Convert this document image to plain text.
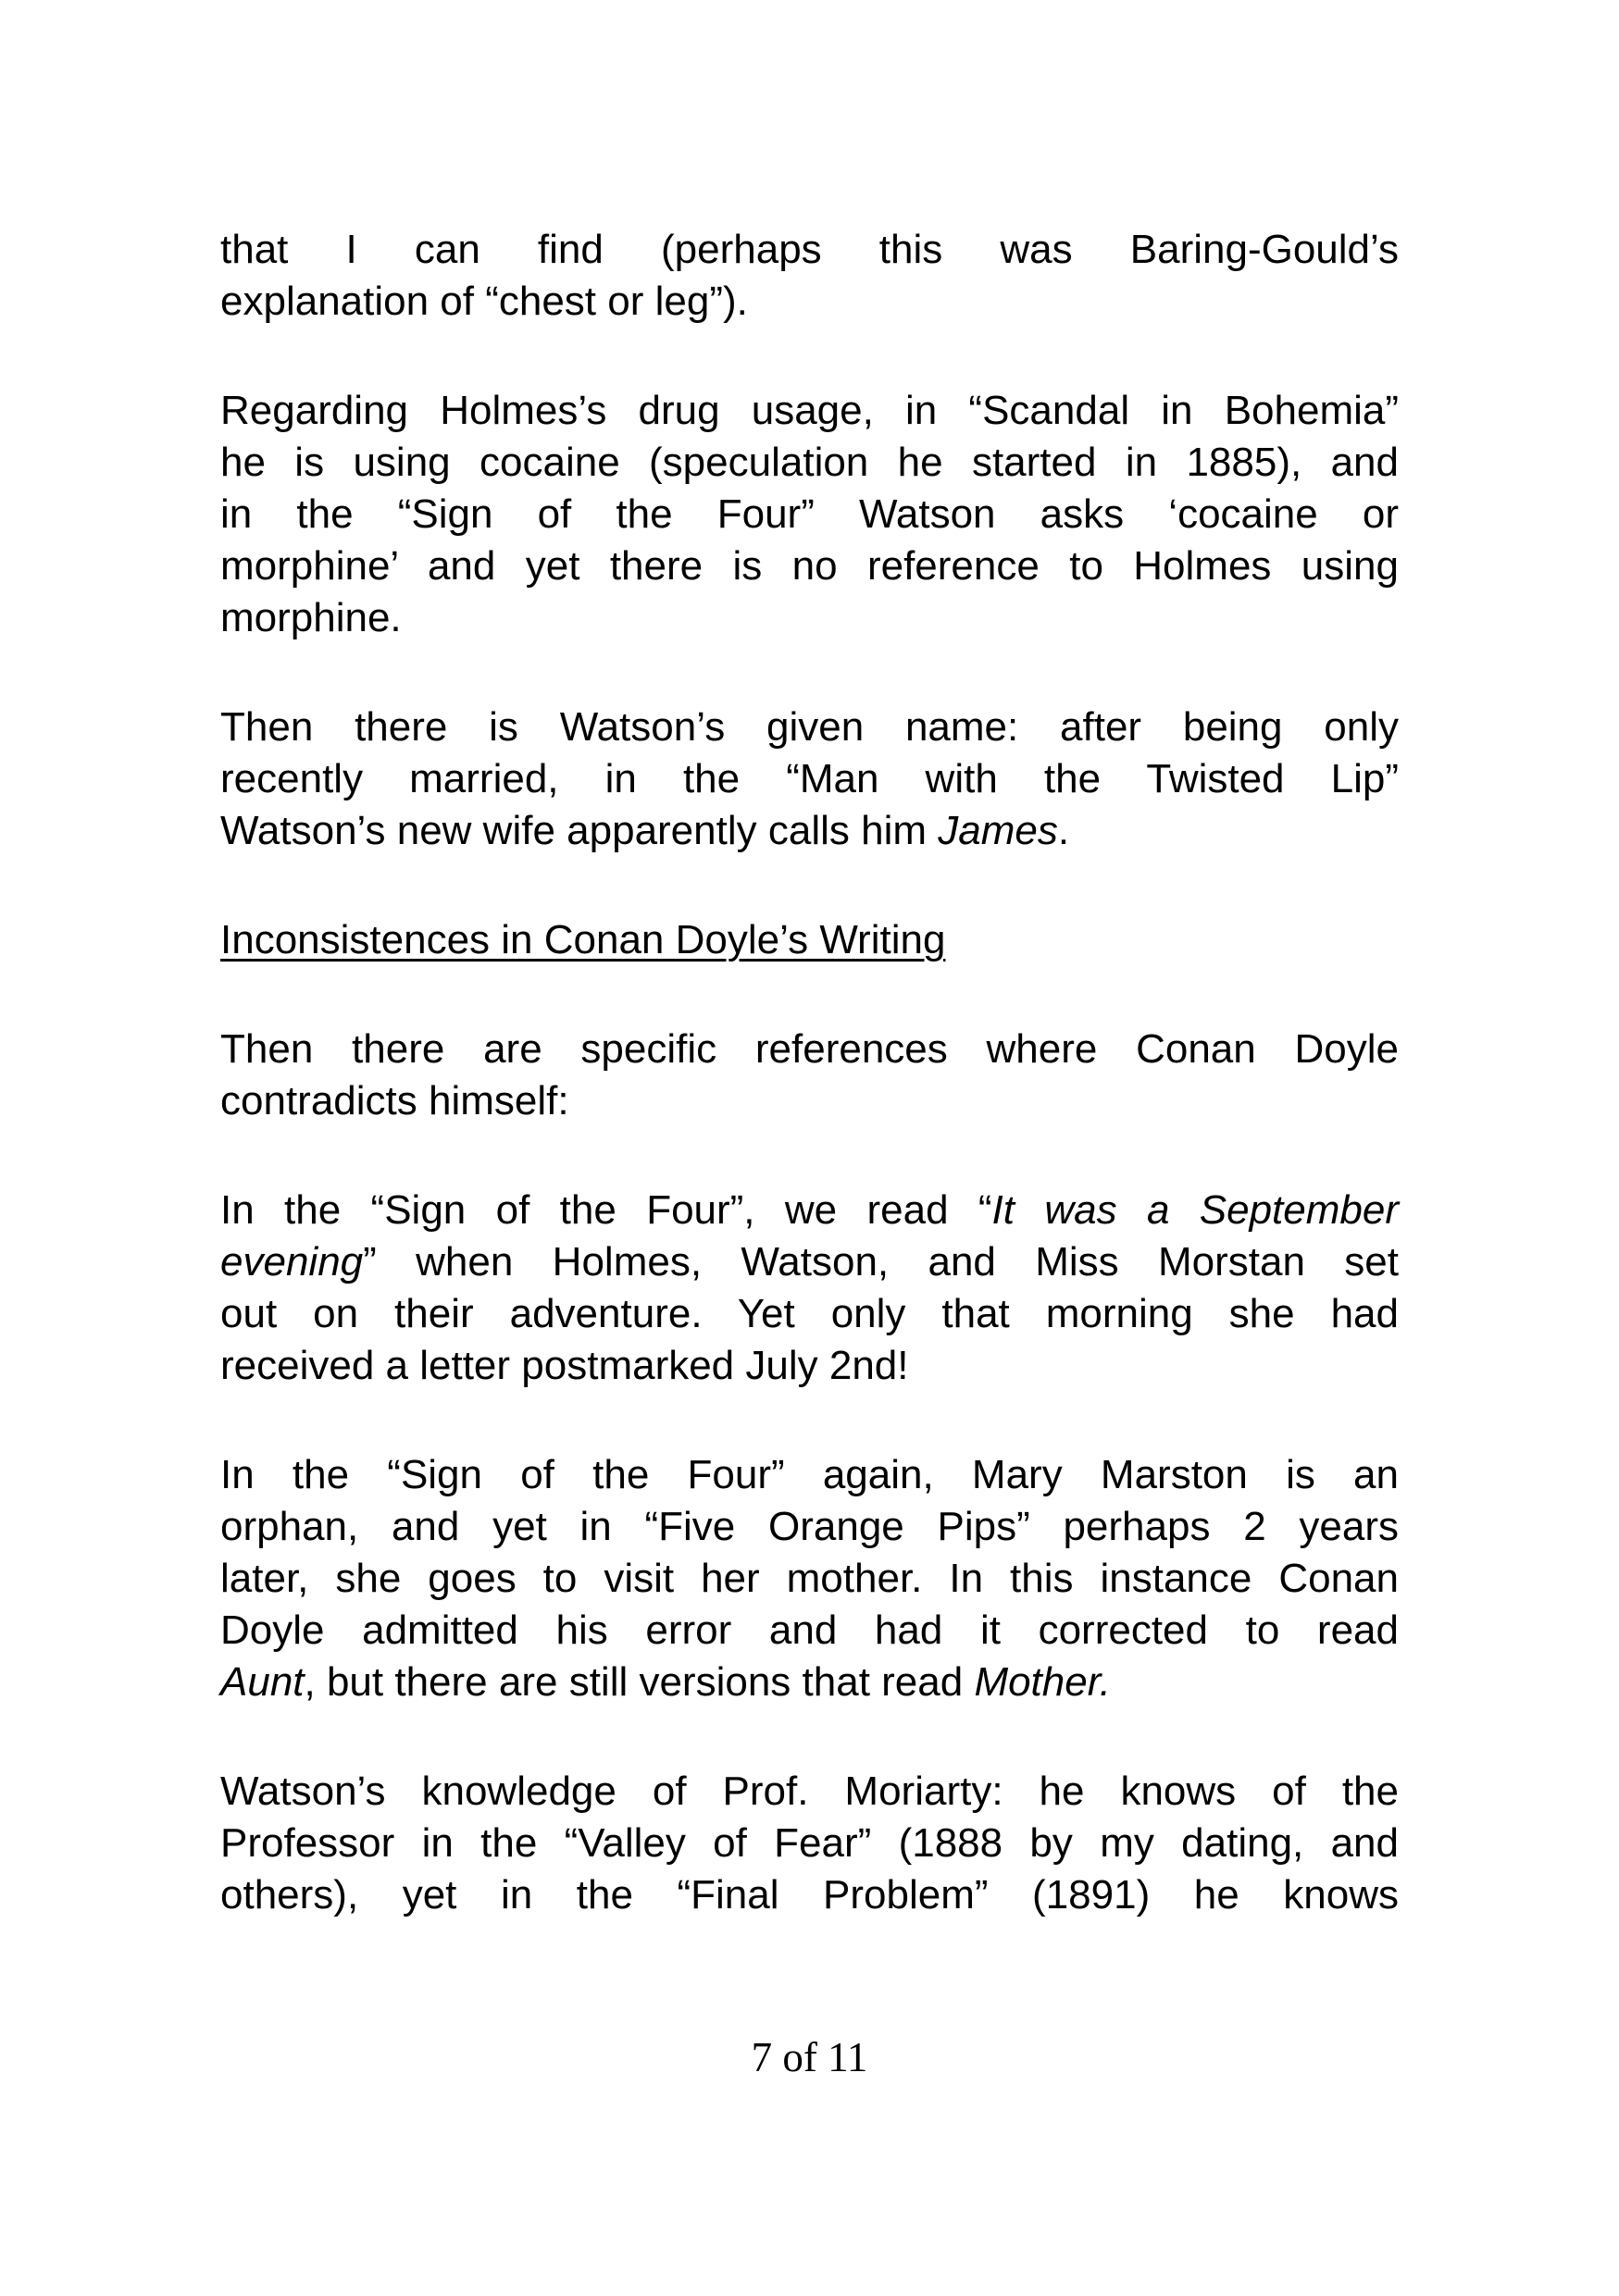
that I can find (perhaps this was Baring-Gould’s
explanation of “chest or leg”).
Regarding Holmes’s drug usage, in “Scandal in Bohemia”
he is using cocaine (speculation he started in 1885), and
in the “Sign of the Four” Watson asks ‘cocaine or
morphine’ and yet there is no reference to Holmes using
morphine.
Then there is Watson’s given name: after being only
recently married, in the “Man with the Twisted Lip”
Watson’s new wife apparently calls him James.
Inconsistences in Conan Doyle’s Writing
Then there are specific references where Conan Doyle
contradicts himself:
In the “Sign of the Four”, we read “It was a September
evening” when Holmes, Watson, and Miss Morstan set
out on their adventure. Yet only that morning she had
received a letter postmarked July 2nd!
In the “Sign of the Four” again, Mary Marston is an
orphan, and yet in “Five Orange Pips” perhaps 2 years
later, she goes to visit her mother. In this instance Conan
Doyle admitted his error and had it corrected to read
Aunt, but there are still versions that read Mother.
Watson’s knowledge of Prof. Moriarty: he knows of the
Professor in the “Valley of Fear” (1888 by my dating, and
others), yet in the “Final Problem” (1891) he knows
7 of 11
